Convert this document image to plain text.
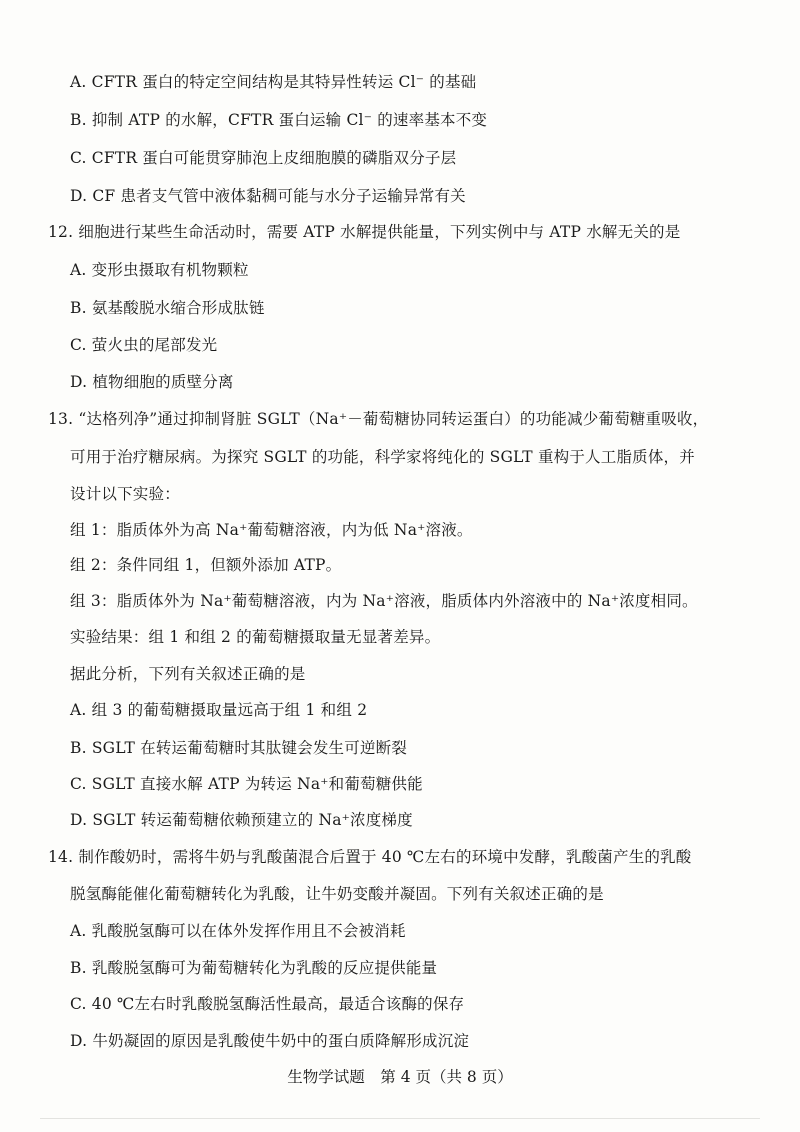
A. CFTR 蛋白的特定空间结构是其特异性转运 Cl⁻ 的基础
B. 抑制 ATP 的水解，CFTR 蛋白运输 Cl⁻ 的速率基本不变
C. CFTR 蛋白可能贯穿肺泡上皮细胞膜的磷脂双分子层
D. CF 患者支气管中液体黏稠可能与水分子运输异常有关
12. 细胞进行某些生命活动时，需要 ATP 水解提供能量，下列实例中与 ATP 水解无关的是
A. 变形虫摄取有机物颗粒
B. 氨基酸脱水缩合形成肽链
C. 萤火虫的尾部发光
D. 植物细胞的质壁分离
13. “达格列净”通过抑制肾脏 SGLT（Na⁺－葡萄糖协同转运蛋白）的功能减少葡萄糖重吸收，
可用于治疗糖尿病。为探究 SGLT 的功能，科学家将纯化的 SGLT 重构于人工脂质体，并
设计以下实验：
组 1：脂质体外为高 Na⁺葡萄糖溶液，内为低 Na⁺溶液。
组 2：条件同组 1，但额外添加 ATP。
组 3：脂质体外为 Na⁺葡萄糖溶液，内为 Na⁺溶液，脂质体内外溶液中的 Na⁺浓度相同。
实验结果：组 1 和组 2 的葡萄糖摄取量无显著差异。
据此分析，下列有关叙述正确的是
A. 组 3 的葡萄糖摄取量远高于组 1 和组 2
B. SGLT 在转运葡萄糖时其肽键会发生可逆断裂
C. SGLT 直接水解 ATP 为转运 Na⁺和葡萄糖供能
D. SGLT 转运葡萄糖依赖预建立的 Na⁺浓度梯度
14. 制作酸奶时，需将牛奶与乳酸菌混合后置于 40 ℃左右的环境中发酵，乳酸菌产生的乳酸
脱氢酶能催化葡萄糖转化为乳酸，让牛奶变酸并凝固。下列有关叙述正确的是
A. 乳酸脱氢酶可以在体外发挥作用且不会被消耗
B. 乳酸脱氢酶可为葡萄糖转化为乳酸的反应提供能量
C. 40 ℃左右时乳酸脱氢酶活性最高，最适合该酶的保存
D. 牛奶凝固的原因是乳酸使牛奶中的蛋白质降解形成沉淀
生物学试题　第 4 页（共 8 页）
